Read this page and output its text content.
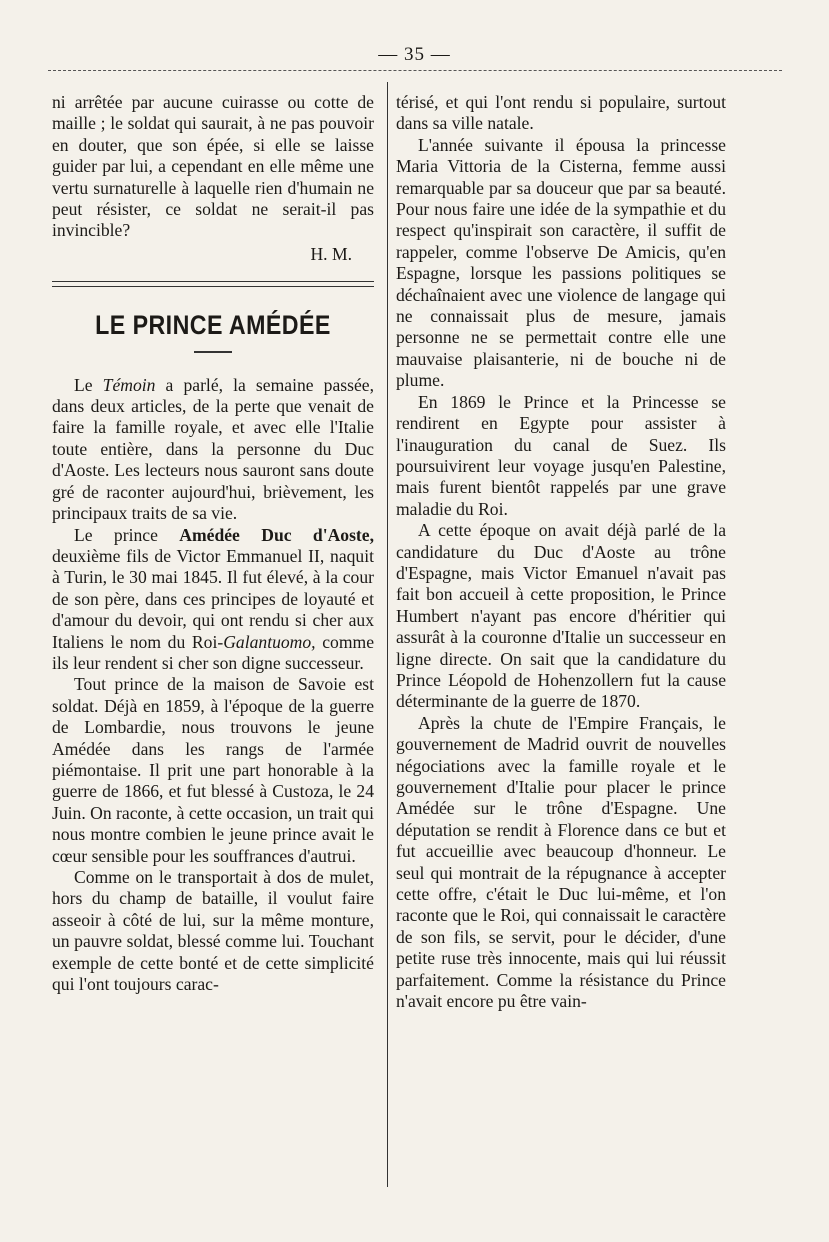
— 35 —

ni arrêtée par aucune cuirasse ou cotte de maille ; le soldat qui saurait, à ne pas pouvoir en douter, que son épée, si elle se laisse guider par lui, a cependant en elle même une vertu surnaturelle à laquelle rien d'humain ne peut résister, ce soldat ne serait-il pas invincible?

H. M.

LE PRINCE AMÉDÉE

Le Témoin a parlé, la semaine passée, dans deux articles, de la perte que venait de faire la famille royale, et avec elle l'Italie toute entière, dans la personne du Duc d'Aoste. Les lecteurs nous sauront sans doute gré de raconter aujourd'hui, brièvement, les principaux traits de sa vie.

Le prince Amédée Duc d'Aoste, deuxième fils de Victor Emmanuel II, naquit à Turin, le 30 mai 1845. Il fut élevé, à la cour de son père, dans ces principes de loyauté et d'amour du devoir, qui ont rendu si cher aux Italiens le nom du Roi-Galantuomo, comme ils leur rendent si cher son digne successeur.

Tout prince de la maison de Savoie est soldat. Déjà en 1859, à l'époque de la guerre de Lombardie, nous trouvons le jeune Amédée dans les rangs de l'armée piémontaise. Il prit une part honorable à la guerre de 1866, et fut blessé à Custoza, le 24 Juin. On raconte, à cette occasion, un trait qui nous montre combien le jeune prince avait le cœur sensible pour les souffrances d'autrui.

Comme on le transportait à dos de mulet, hors du champ de bataille, il voulut faire asseoir à côté de lui, sur la même monture, un pauvre soldat, blessé comme lui. Touchant exemple de cette bonté et de cette simplicité qui l'ont toujours carac-

térisé, et qui l'ont rendu si populaire, surtout dans sa ville natale.

L'année suivante il épousa la princesse Maria Vittoria de la Cisterna, femme aussi remarquable par sa douceur que par sa beauté. Pour nous faire une idée de la sympathie et du respect qu'inspirait son caractère, il suffit de rappeler, comme l'observe De Amicis, qu'en Espagne, lorsque les passions politiques se déchaînaient avec une violence de langage qui ne connaissait plus de mesure, jamais personne ne se permettait contre elle une mauvaise plaisanterie, ni de bouche ni de plume.

En 1869 le Prince et la Princesse se rendirent en Egypte pour assister à l'inauguration du canal de Suez. Ils poursuivirent leur voyage jusqu'en Palestine, mais furent bientôt rappelés par une grave maladie du Roi.

A cette époque on avait déjà parlé de la candidature du Duc d'Aoste au trône d'Espagne, mais Victor Emanuel n'avait pas fait bon accueil à cette proposition, le Prince Humbert n'ayant pas encore d'héritier qui assurât à la couronne d'Italie un successeur en ligne directe. On sait que la candidature du Prince Léopold de Hohenzollern fut la cause déterminante de la guerre de 1870.

Après la chute de l'Empire Français, le gouvernement de Madrid ouvrit de nouvelles négociations avec la famille royale et le gouvernement d'Italie pour placer le prince Amédée sur le trône d'Espagne. Une députation se rendit à Florence dans ce but et fut accueillie avec beaucoup d'honneur. Le seul qui montrait de la répugnance à accepter cette offre, c'était le Duc lui-même, et l'on raconte que le Roi, qui connaissait le caractère de son fils, se servit, pour le décider, d'une petite ruse très innocente, mais qui lui réussit parfaitement. Comme la résistance du Prince n'avait encore pu être vain-
